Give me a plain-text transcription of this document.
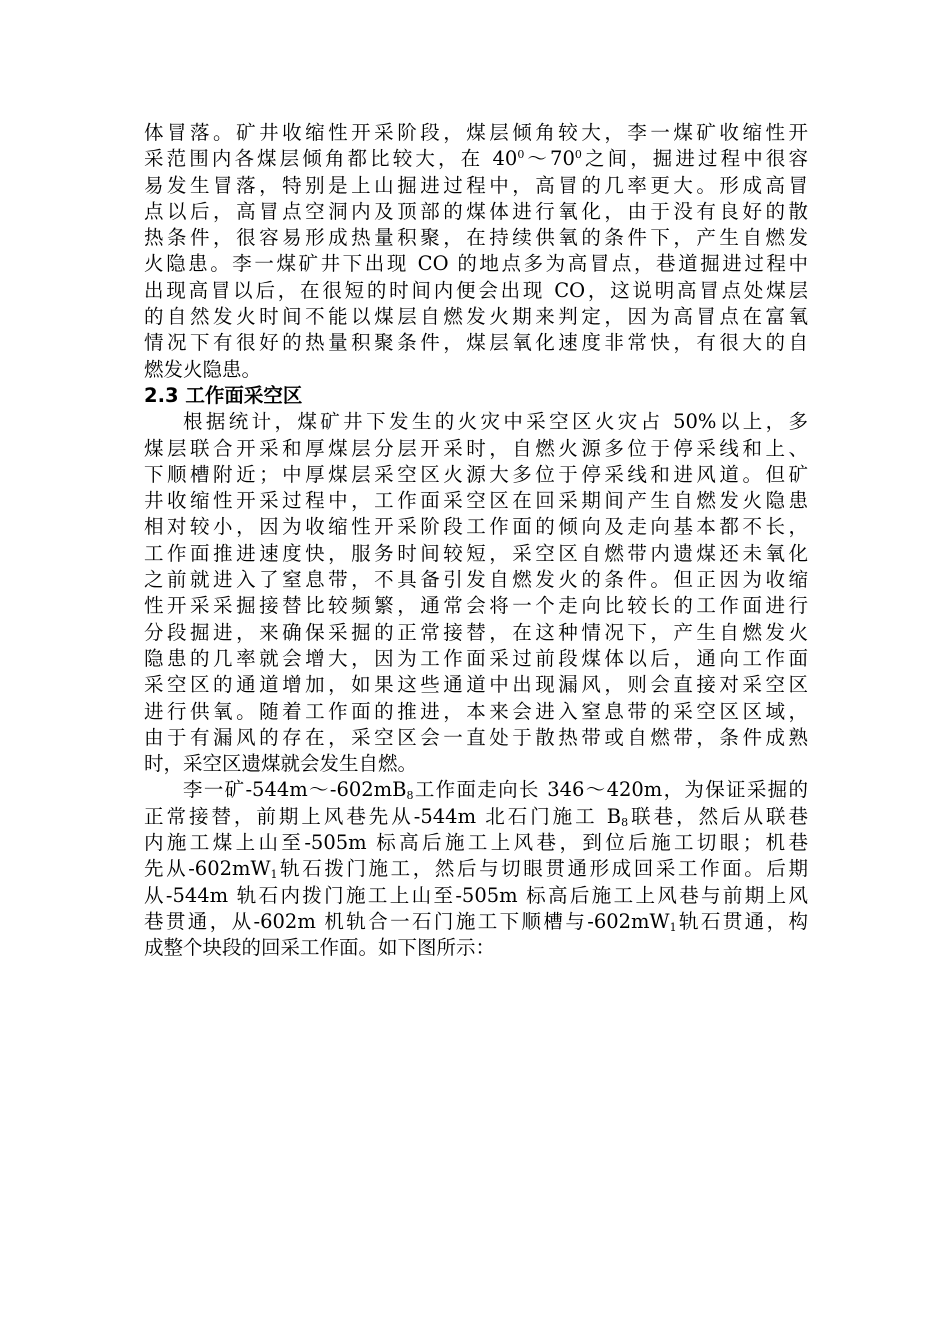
体冒落。矿井收缩性开采阶段，煤层倾角较大，李一煤矿收缩性开
采范围内各煤层倾角都比较大，在 $40^0\sim 70^0$之间，掘进过程中很容
易发生冒落，特别是上山掘进过程中，高冒的几率更大。形成高冒
点以后，高冒点空洞内及顶部的煤体进行氧化，由于没有良好的散
热条件，很容易形成热量积聚，在持续供氧的条件下，产生自燃发
火隐患。李一煤矿井下出现 CO 的地点多为高冒点，巷道掘进过程中
出现高冒以后，在很短的时间内便会出现 CO，这说明高冒点处煤层
的自然发火时间不能以煤层自燃发火期来判定，因为高冒点在富氧
情况下有很好的热量积聚条件，煤层氧化速度非常快，有很大的自
燃发火隐患。
2.3 工作面采空区
根据统计，煤矿井下发生的火灾中采空区火灾占 50%以上，多
煤层联合开采和厚煤层分层开采时，自燃火源多位于停采线和上、
下顺槽附近；中厚煤层采空区火源大多位于停采线和进风道。但矿
井收缩性开采过程中，工作面采空区在回采期间产生自燃发火隐患
相对较小，因为收缩性开采阶段工作面的倾向及走向基本都不长，
工作面推进速度快，服务时间较短，采空区自燃带内遗煤还未氧化
之前就进入了窒息带，不具备引发自燃发火的条件。但正因为收缩
性开采采掘接替比较频繁，通常会将一个走向比较长的工作面进行
分段掘进，来确保采掘的正常接替，在这种情况下，产生自燃发火
隐患的几率就会增大，因为工作面采过前段煤体以后，通向工作面
采空区的通道增加，如果这些通道中出现漏风，则会直接对采空区
进行供氧。随着工作面的推进，本来会进入窒息带的采空区区域，
由于有漏风的存在，采空区会一直处于散热带或自燃带，条件成熟
时，采空区遗煤就会发生自燃。
李一矿$-544m\sim-602mB_8$工作面走向长 346～420m，为保证采掘的
正常接替，前期上风巷先从-544m 北石门施工 $B_8$联巷，然后从联巷
内施工煤上山至-505m 标高后施工上风巷，到位后施工切眼；机巷
先从$-602mW_1$轨石拨门施工，然后与切眼贯通形成回采工作面。后期
从-544m 轨石内拨门施工上山至-505m 标高后施工上风巷与前期上风
巷贯通，从-602m 机轨合一石门施工下顺槽与$-602mW_1$轨石贯通，构
成整个块段的回采工作面。如下图所示：
